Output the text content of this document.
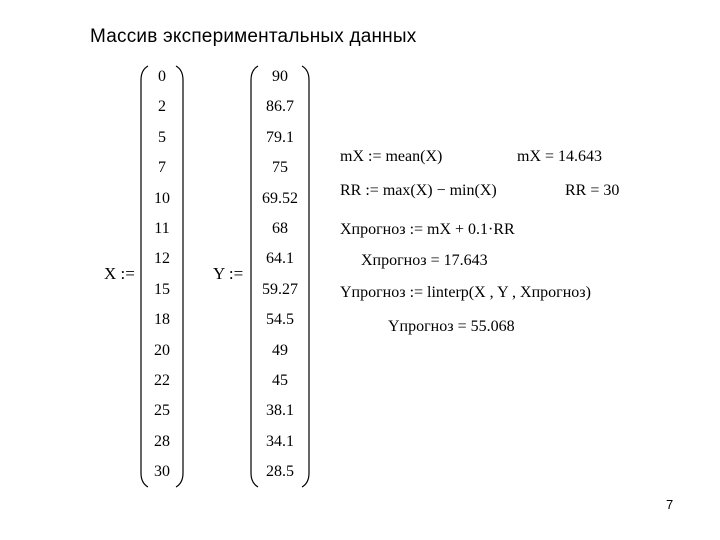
Массив экспериментальных данных
X :=
0
2
5
7
10
11
12
15
18
20
22
25
28
30
Y :=
90
86.7
79.1
75
69.52
68
64.1
59.27
54.5
49
45
38.1
34.1
28.5
mX := mean(X)	mX = 14.643
RR := max(X) − min(X)	RR = 30
Xпрогноз := mX + 0.1·RR
Xпрогноз = 17.643
Yпрогноз := linterp(X , Y , Xпрогноз)
Yпрогноз = 55.068
7
